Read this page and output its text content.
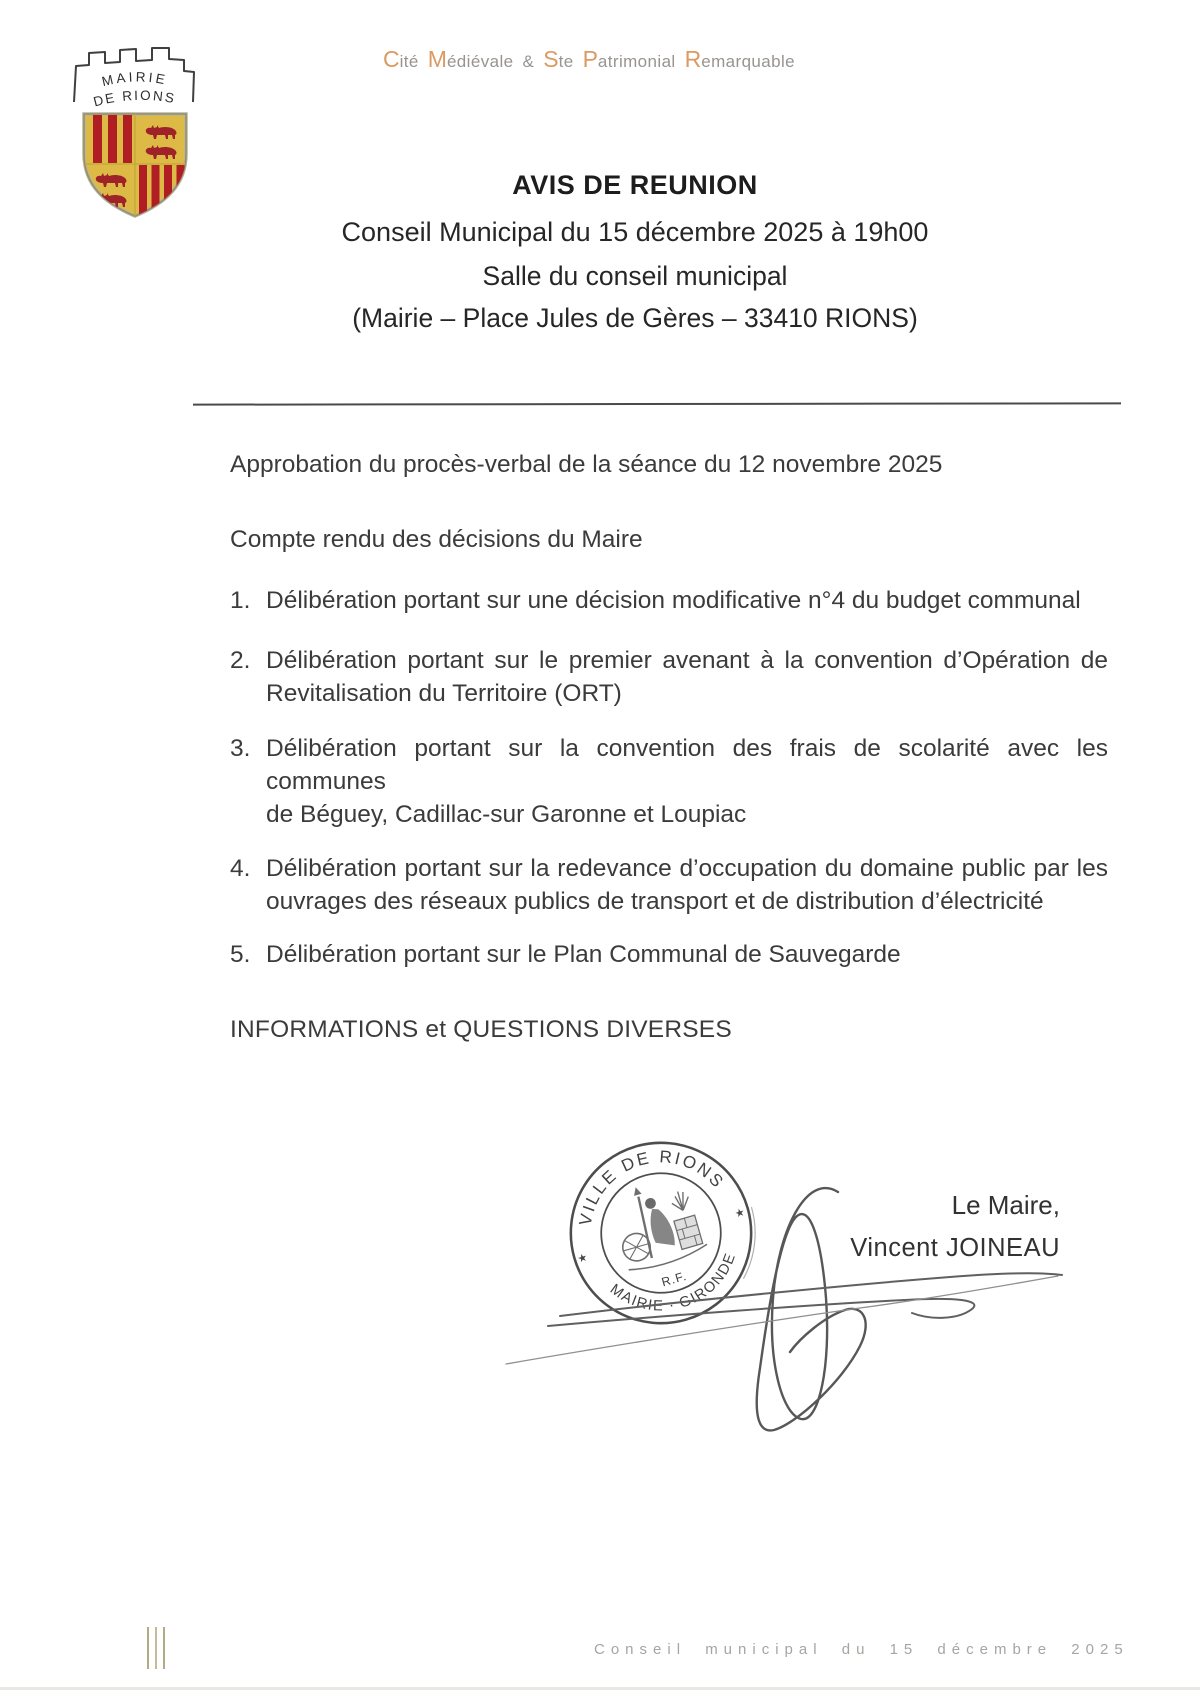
MAIRIE
DE RIONS
Cité Médiévale & Ste Patrimonial Remarquable
AVIS DE REUNION
Conseil Municipal du 15 décembre 2025 à 19h00
Salle du conseil municipal
(Mairie – Place Jules de Gères – 33410 RIONS)
Approbation du procès-verbal de la séance du 12 novembre 2025
Compte rendu des décisions du Maire
1. Délibération portant sur une décision modificative n°4 du budget communal
2. Délibération portant sur le premier avenant à la convention d’Opération de
Revitalisation du Territoire (ORT)
3. Délibération portant sur la convention des frais de scolarité avec les communes
de Béguey, Cadillac-sur Garonne et Loupiac
4. Délibération portant sur la redevance d’occupation du domaine public par les
ouvrages des réseaux publics de transport et de distribution d’électricité
5. Délibération portant sur le Plan Communal de Sauvegarde
INFORMATIONS et QUESTIONS DIVERSES
VILLE DE RIONS
MAIRIE · GIRONDE
★
★
R.F.
Le Maire,
Vincent JOINEAU
Conseil municipal du 15 décembre 2025
